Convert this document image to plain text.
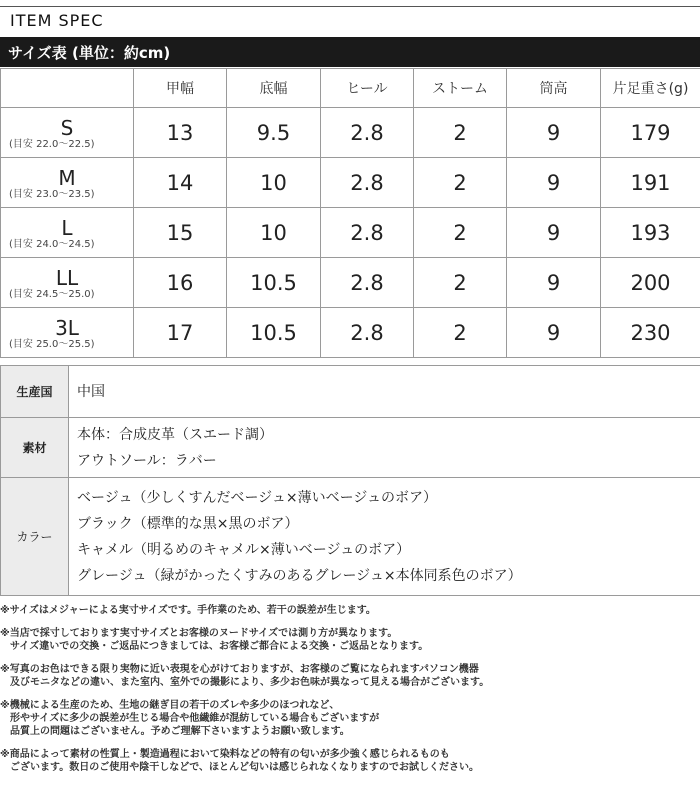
ITEM SPEC
サイズ表 (単位：約cm)
	甲幅	底幅	ヒール	ストーム	筒高	片足重さ(g)

S
(目安 22.0～22.5)	13	9.5	2.8	2	9	179

M
(目安 23.0～23.5)	14	10	2.8	2	9	191

L
(目安 24.0～24.5)	15	10	2.8	2	9	193

LL
(目安 24.5～25.0)	16	10.5	2.8	2	9	200

3L
(目安 25.0～25.5)	17	10.5	2.8	2	9	230
生産国	中国
素材	本体：合成皮革（スエード調）
アウトソール：ラバー

カラー	ベージュ（少しくすんだベージュ×薄いベージュのボア）
ブラック（標準的な黒×黒のボア）
キャメル（明るめのキャメル×薄いベージュのボア）
グレージュ（緑がかったくすみのあるグレージュ×本体同系色のボア）
※サイズはメジャーによる実寸サイズです。手作業のため、若干の誤差が生じます。
※当店で採寸しております実寸サイズとお客様のヌードサイズでは測り方が異なります。
　サイズ違いでの交換・ご返品につきましては、お客様ご都合による交換・ご返品となります。
※写真のお色はできる限り実物に近い表現を心がけておりますが、お客様のご覧になられますパソコン機器
　及びモニタなどの違い、また室内、室外での撮影により、多少お色味が異なって見える場合がございます。
※機械による生産のため、生地の継ぎ目の若干のズレや多少のほつれなど、
　形やサイズに多少の誤差が生じる場合や他繊維が混紡している場合もございますが
　品質上の問題はございません。予めご理解下さいますようお願い致します。
※商品によって素材の性質上・製造過程において染料などの特有の匂いが多少強く感じられるものも
　ございます。数日のご使用や陰干しなどで、ほとんど匂いは感じられなくなりますのでお試しください。
